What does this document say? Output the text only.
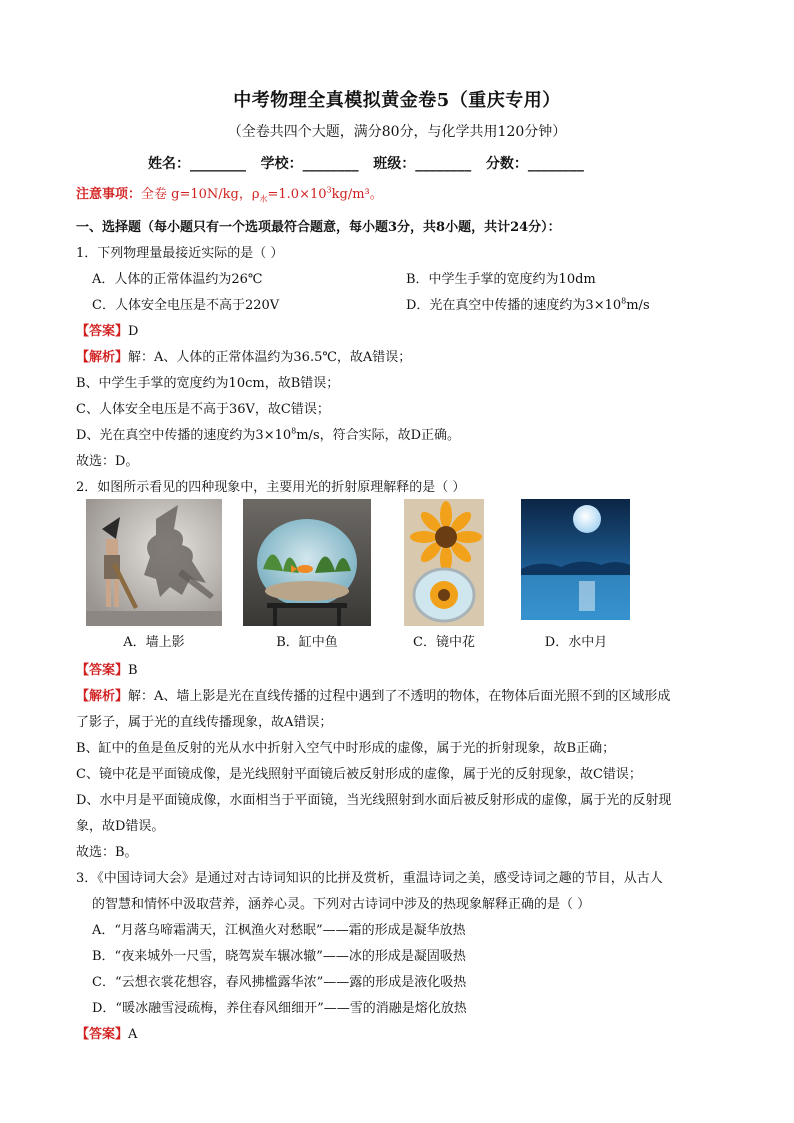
中考物理全真模拟黄金卷5（重庆专用）
（全卷共四个大题，满分80分，与化学共用120分钟）
姓名：________   学校：________   班级：________   分数：________
注意事项：全卷 g=10N/kg，$\rho_水=1.0\times 10^3kg/m^3$。
一、选择题（每小题只有一个选项最符合题意，每小题3分，共8小题，共计24分）：
1．下列物理量最接近实际的是（ ）
A．人体的正常体温约为26℃	B．中学生手掌的宽度约为10dm
C．人体安全电压是不高于220V	D．光在真空中传播的速度约为$3\times 10^8m/s$
【答案】D
【解析】解：A、人体的正常体温约为36.5℃，故A错误；
B、中学生手掌的宽度约为10cm，故B错误；
C、人体安全电压是不高于36V，故C错误；
D、光在真空中传播的速度约为$3\times 10^8m/s$，符合实际，故D正确。
故选：D。
2．如图所示看见的四种现象中，主要用光的折射原理解释的是（ ）
A．墙上影	B．缸中鱼	C．镜中花	D．水中月
【答案】B
【解析】解：A、墙上影是光在直线传播的过程中遇到了不透明的物体，在物体后面光照不到的区域形成
了影子，属于光的直线传播现象，故A错误；
B、缸中的鱼是鱼反射的光从水中折射入空气中时形成的虚像，属于光的折射现象，故B正确；
C、镜中花是平面镜成像，是光线照射平面镜后被反射形成的虚像，属于光的反射现象，故C错误；
D、水中月是平面镜成像，水面相当于平面镜，当光线照射到水面后被反射形成的虚像，属于光的反射现
象，故D错误。
故选：B。
3．《中国诗词大会》是通过对古诗词知识的比拼及赏析，重温诗词之美，感受诗词之趣的节目，从古人
的智慧和情怀中汲取营养，涵养心灵。下列对古诗词中涉及的热现象解释正确的是（ ）
A．“月落乌啼霜满天，江枫渔火对愁眠”——霜的形成是凝华放热
B．“夜来城外一尺雪，晓驾炭车辗冰辙”——冰的形成是凝固吸热
C．“云想衣裳花想容，春风拂槛露华浓”——露的形成是液化吸热
D．“暖冰融雪浸疏梅，养住春风细细开”——雪的消融是熔化放热
【答案】A
